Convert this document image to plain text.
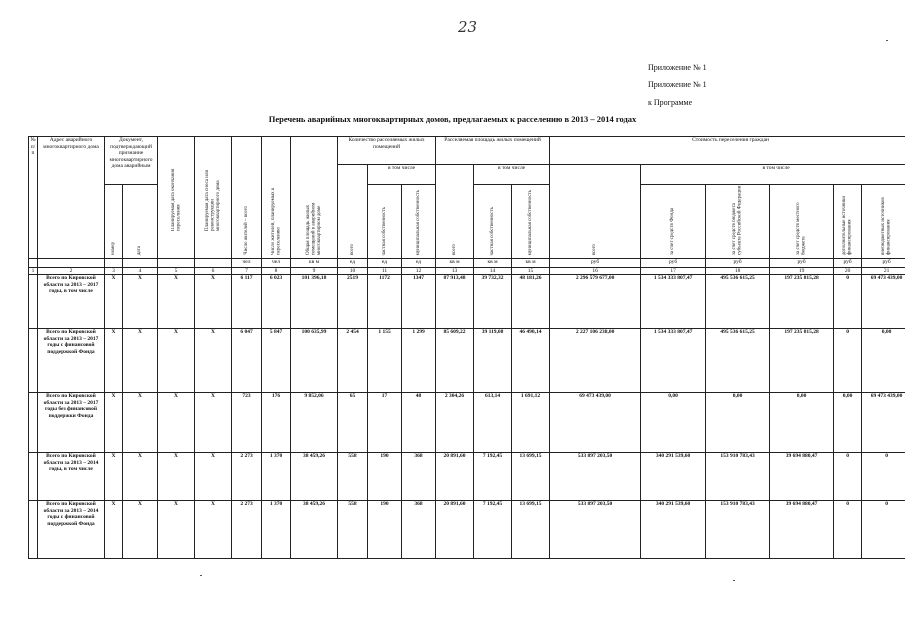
23
Приложение № 1
Приложение № 1
к Программе
Перечень аварийных многоквартирных домов, предлагаемых к расселению в 2013 – 2014 годах
№ п/п	Адрес аварийного многоквартирного дома	Документ, подтверждающий признание многоквартирного дома аварийным		Планируемая дата окончания переселения	Планируемая дата сноса или реконструкции многоквартирного дома	Число жителей – всего	Число жителей, планируемых к переселению	Общая площадь жилых помещений в аварийном многоквартирном доме	Количество расселяемых жилых помещений			Расселяемая площадь жилых помещений			Стоимость переселения граждан					
									всего	в том числе		всего	в том числе		всего	в том числе				
		номер	дата							частная собственность	муниципальная собственность		частная собственность	муниципальная собственность		за счет средств Фонда	за счет средств бюджета субъекта Российской Федерации	за счет средств местного бюджета	дополнительные источники финансирования	внебюджетных источников финансирования
						чел	чел	кв м	ед	ед	ед	кв м	кв м	кв м	руб	руб	руб	руб	руб	руб
1	2	3	4	5	6	7	8	9	10	11	12	13	14	15	16	17	18	19	20	21
	Всего по Кировской области за 2013 – 2017 годы, в том числе	X	X	X	X	6 117	6 023	101 396,18	2519	1172	1347	87 913,48	39 732,32	48 181,26	2 296 579 677,00	1 534 333 807,47	495 536 615,25	197 235 815,28	0	69 473 439,00
	Всего по Кировской области за 2013 – 2017 годы с финансовой поддержкой Фонда	X	X	X	X	6 047	5 847	100 635,99	2 454	1 155	1 299	85 609,22	39 119,08	46 490,14	2 227 106 238,00	1 534 333 807,47	495 536 615,25	197 235 815,28	0	0,00
	Всего по Кировской области за 2013 – 2017 годы без финансовой поддержки Фонда	X	X	X	X	723	176	9 852,06	65	17	48	2 304,26	613,14	1 691,12	69 473 439,00	0,00	0,00	0,00	0,00	69 473 439,00
	Всего по Кировской области за 2013 – 2014 годы, в том числе	X	X	X	X	2 273	1 370	38 459,26	558	190	368	20 891,60	7 192,45	13 699,15	533 897 203,50	340 291 539,60	153 910 783,43	39 694 880,47	0	0
	Всего по Кировской области за 2013 – 2014 годы с финансовой поддержкой Фонда	X	X	X	X	2 273	1 370	38 459,26	558	190	368	20 891,60	7 192,45	13 699,15	533 897 203,50	340 291 539,60	153 910 783,43	39 694 880,47	0	0
